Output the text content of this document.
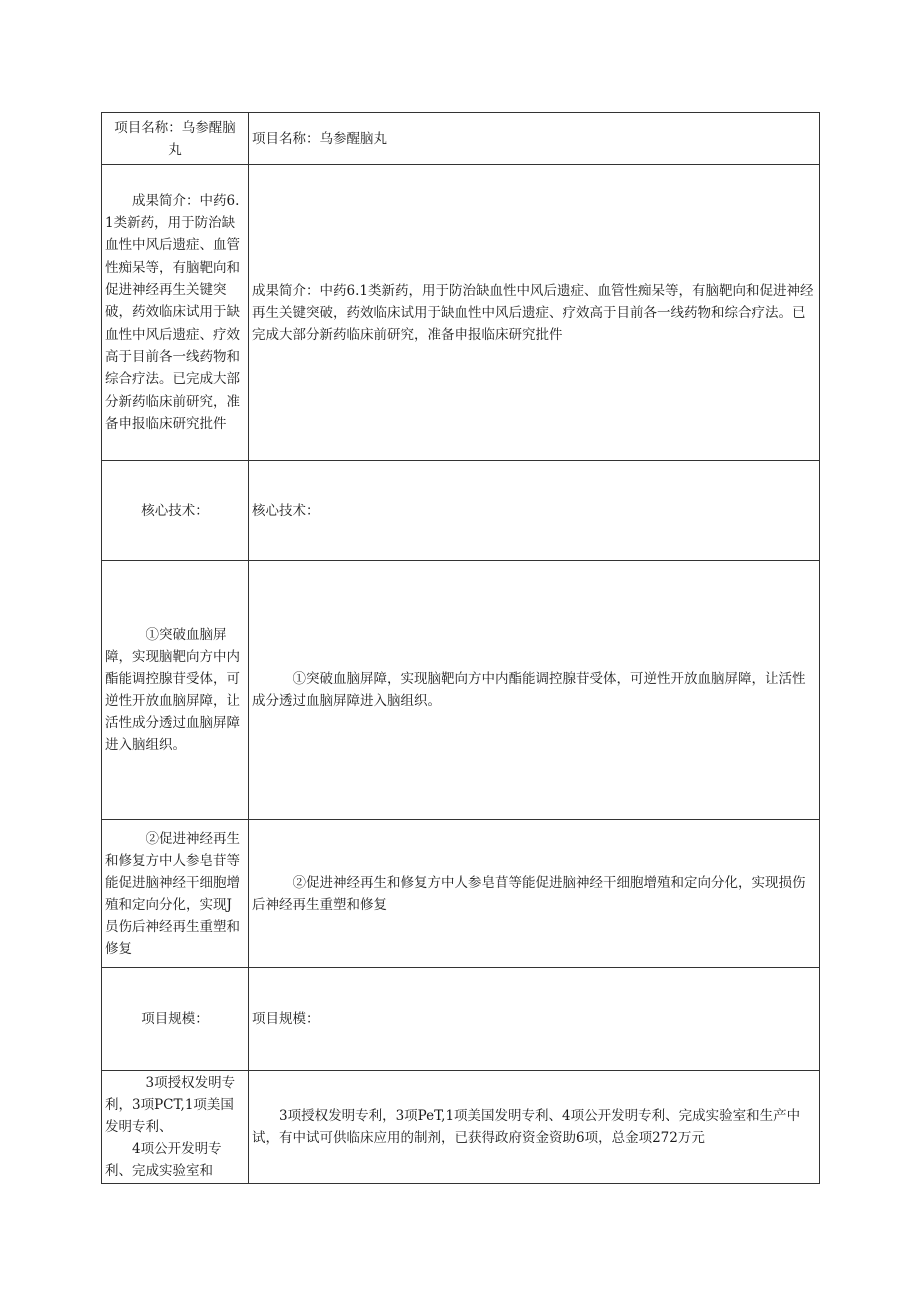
项目名称：乌参醒脑
丸	项目名称：乌参醒脑丸
成果简介：中药6.1类新药，用于防治缺血性中风后遗症、血管性痴呆等，有脑靶向和促进神经再生关键突破，药效临床试用于缺血性中风后遗症、疗效高于目前各一线药物和综合疗法。已完成大部分新药临床前研究，准备申报临床研究批件	成果简介：中药6.1类新药，用于防治缺血性中风后遗症、血管性痴呆等，有脑靶向和促进神经再生关键突破，药效临床试用于缺血性中风后遗症、疗效高于目前各一线药物和综合疗法。已完成大部分新药临床前研究，准备申报临床研究批件
核心技术：	核心技术：
①突破血脑屏障，实现脑靶向方中内酯能调控腺苷受体，可逆性开放血脑屏障，让活性成分透过血脑屏障进入脑组织。	①突破血脑屏障，实现脑靶向方中内酯能调控腺苷受体，可逆性开放血脑屏障，让活性成分透过血脑屏障进入脑组织。
②促进神经再生和修复方中人参皂苷等能促进脑神经干细胞增殖和定向分化，实现J员伤后神经再生重塑和修复	②促进神经再生和修复方中人参皂苜等能促进脑神经干细胞增殖和定向分化，实现损伤后神经再生重塑和修复
项目规模：	项目规模：

3项授权发明专利，3项PCT,1项美国发明专利、
4项公开发明专利、完成实验室和	3项授权发明专利，3项PeT,1项美国发明专利、4项公开发明专利、完成实验室和生产中试，有中试可供临床应用的制剂，已获得政府资金资助6项，总金项272万元
